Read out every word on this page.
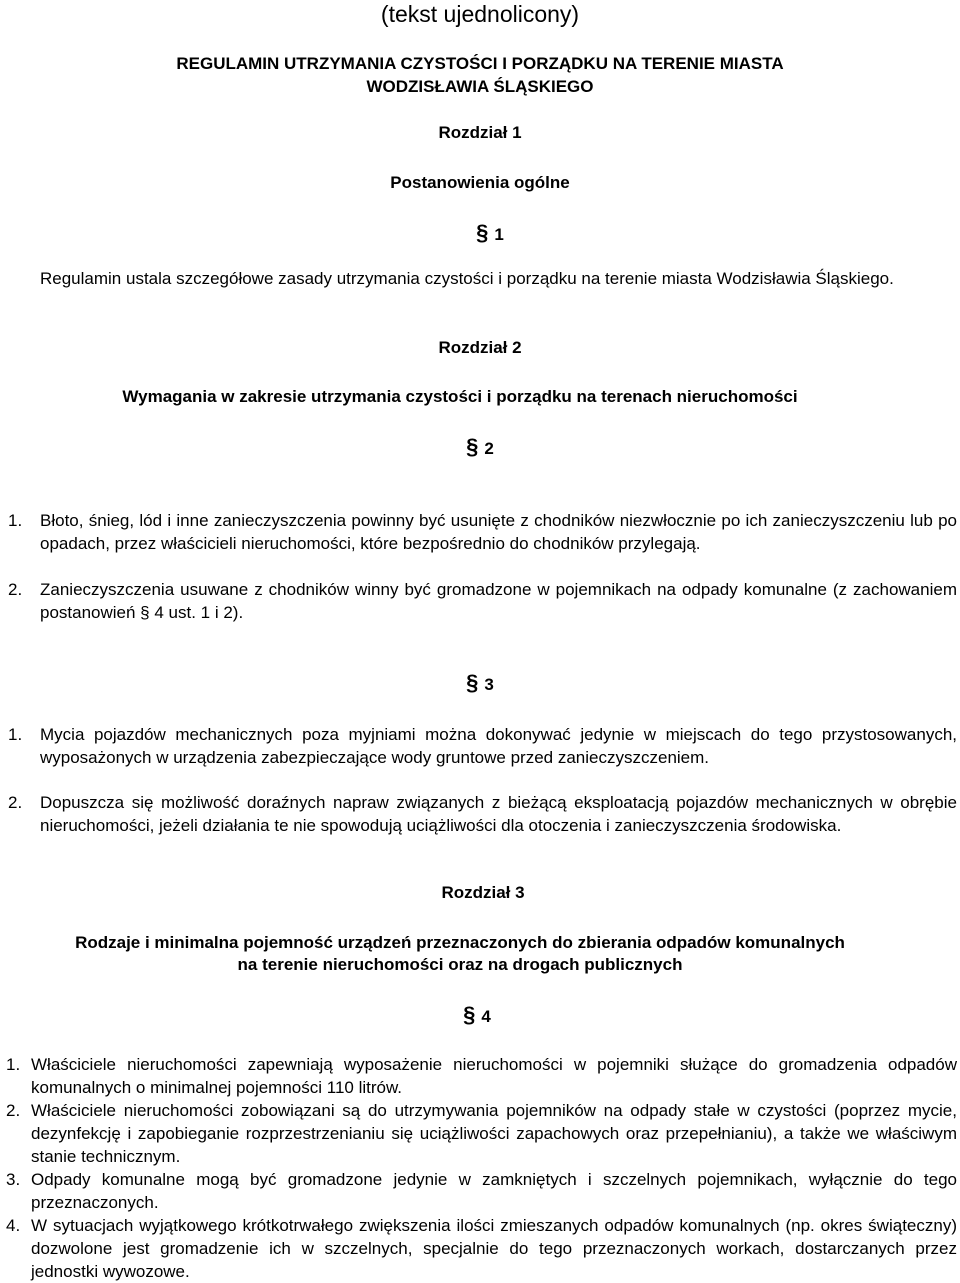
(tekst ujednolicony)
REGULAMIN UTRZYMANIA CZYSTOŚCI I PORZĄDKU NA TERENIE MIASTA
WODZISŁAWIA ŚLĄSKIEGO
Rozdział 1
Postanowienia ogólne
§ 1
Regulamin ustala szczegółowe zasady utrzymania czystości i porządku na terenie miasta Wodzisławia Śląskiego.
Rozdział 2
Wymagania w zakresie utrzymania czystości i porządku na terenach nieruchomości
§ 2
1. Błoto, śnieg, lód i inne zanieczyszczenia powinny być usunięte z chodników niezwłocznie po ich zanieczyszczeniu lub po opadach, przez właścicieli nieruchomości, które bezpośrednio do chodników przylegają.
2. Zanieczyszczenia usuwane z chodników winny być gromadzone w pojemnikach na odpady komunalne (z zachowaniem postanowień § 4 ust. 1 i 2).
§ 3
1. Mycia pojazdów mechanicznych poza myjniami można dokonywać jedynie w miejscach do tego przystosowanych, wyposażonych w urządzenia zabezpieczające wody gruntowe przed zanieczyszczeniem.
2. Dopuszcza się możliwość doraźnych napraw związanych z bieżącą eksploatacją pojazdów mechanicznych w obrębie nieruchomości, jeżeli działania te nie spowodują uciążliwości dla otoczenia i zanieczyszczenia środowiska.
Rozdział 3
Rodzaje i minimalna pojemność urządzeń przeznaczonych do zbierania odpadów komunalnych
na terenie nieruchomości oraz na drogach publicznych
§ 4
1. Właściciele nieruchomości zapewniają wyposażenie nieruchomości w pojemniki służące do gromadzenia odpadów komunalnych o minimalnej pojemności 110 litrów.
2. Właściciele nieruchomości zobowiązani są do utrzymywania pojemników na odpady stałe w czystości (poprzez mycie, dezynfekcję i zapobieganie rozprzestrzenianiu się uciążliwości zapachowych oraz przepełnianiu), a także we właściwym stanie technicznym.
3. Odpady komunalne mogą być gromadzone jedynie w zamkniętych i szczelnych pojemnikach, wyłącznie do tego przeznaczonych.
4. W sytuacjach wyjątkowego krótkotrwałego zwiększenia ilości zmieszanych odpadów komunalnych (np. okres świąteczny) dozwolone jest gromadzenie ich w szczelnych, specjalnie do tego przeznaczonych workach, dostarczanych przez jednostki wywozowe.
